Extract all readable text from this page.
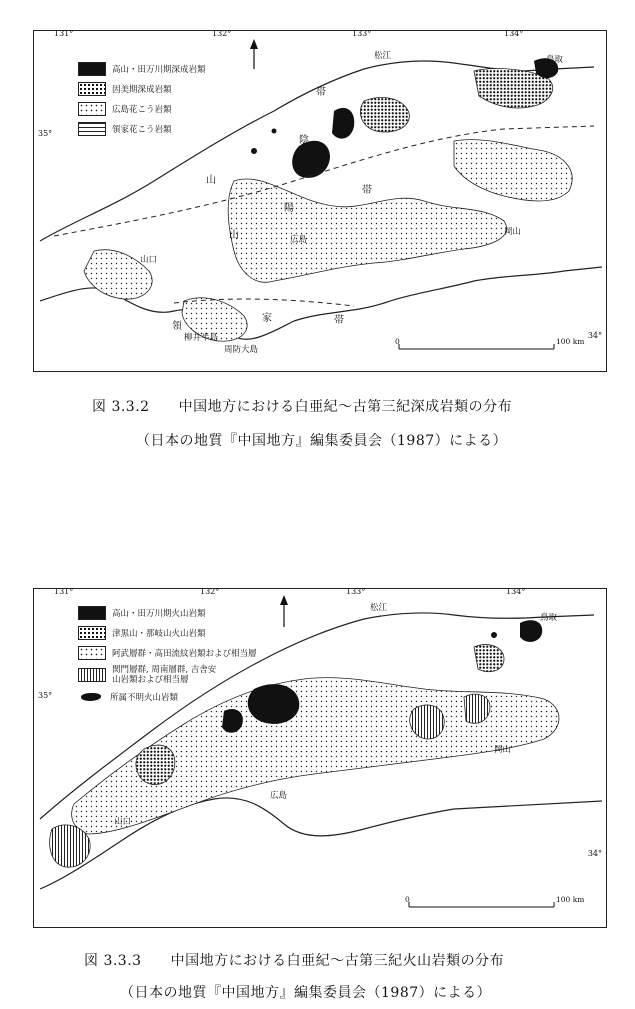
131°	132°	133°	134°
35°
34°
高山・田万川期深成岩類
因美期深成岩類
広島花こう岩類
領家花こう岩類
松江	鳥取
岡山
広島
山口
柳井半島
周防大島
山
陰
帯
山
陽
帯
領
家	帯
0	100 km
図 3.3.2　　中国地方における白亜紀〜古第三紀深成岩類の分布
（日本の地質『中国地方』編集委員会（1987）による）
131°	132°	133°	134°
35°
34°
高山・田万川期火山岩類
津黒山・那岐山火山岩類
阿武層群・高田流紋岩類および相当層
関門層群, 周南層群, 吉舎安山岩類および相当層
所属不明火山岩類
松江
鳥取
岡山
広島
山口
0	100 km
図 3.3.3　　中国地方における白亜紀〜古第三紀火山岩類の分布
（日本の地質『中国地方』編集委員会（1987）による）
